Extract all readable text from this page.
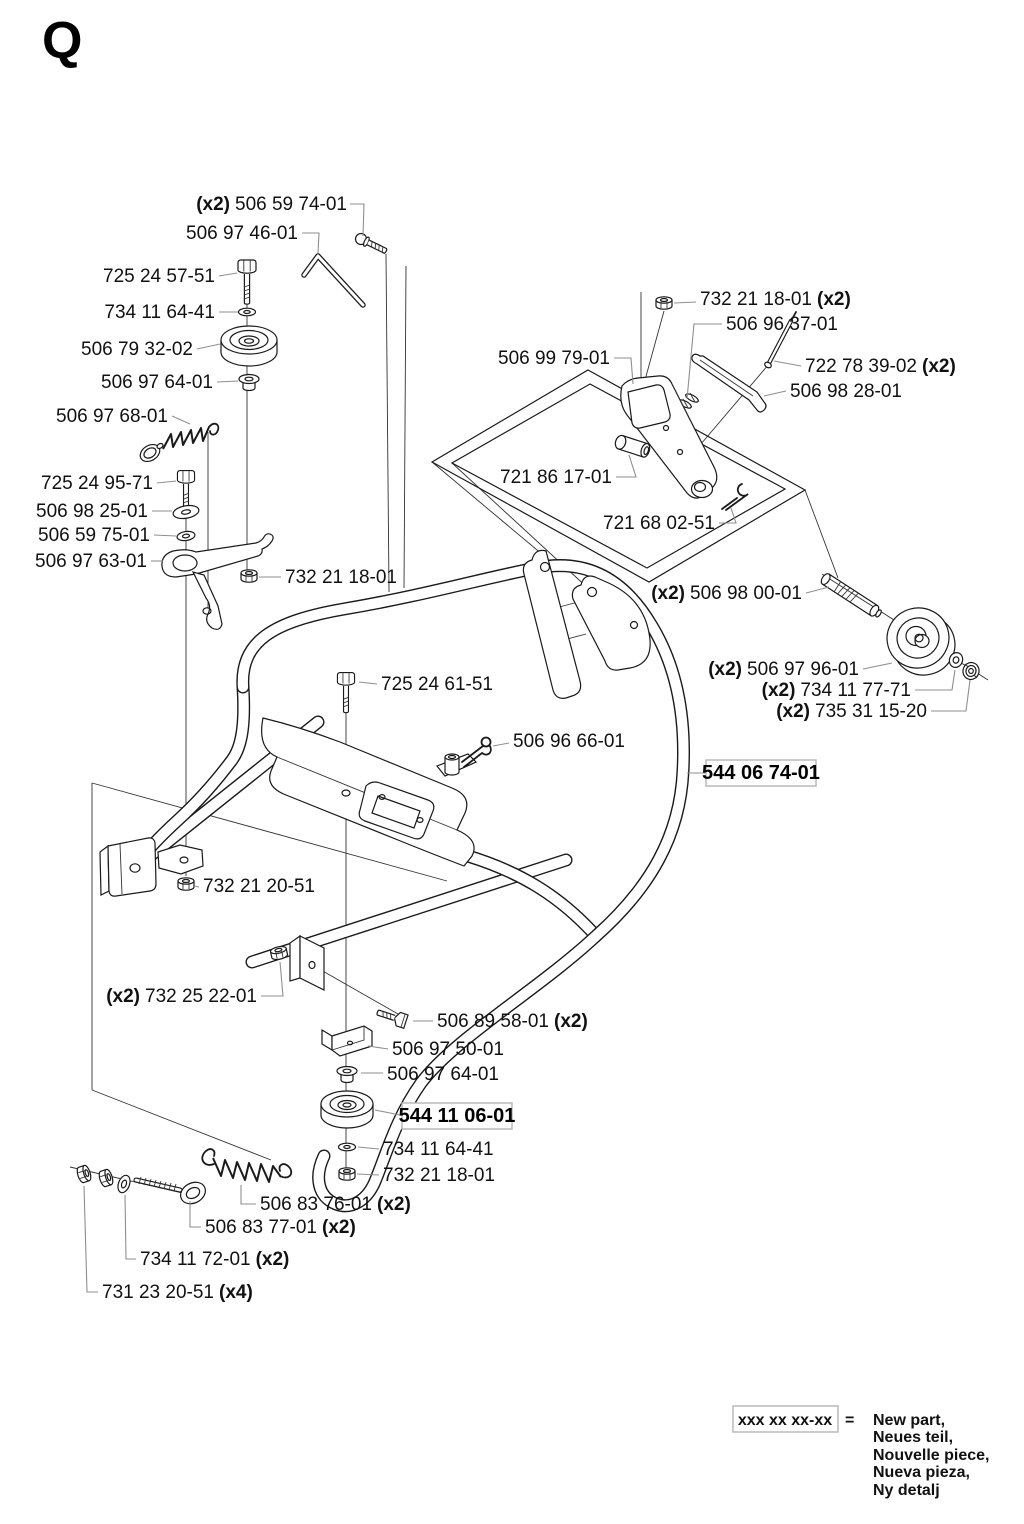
Q
(x2) 506 59 74-01
506 97 46-01
725 24 57-51
734 11 64-41
506 79 32-02
506 97 64-01
506 97 68-01
725 24 95-71
506 98 25-01
506 59 75-01
506 97 63-01
732 21 18-01
732 21 18-01 (x2)
506 96 37-01
506 99 79-01	722 78 39-02 (x2)
506 98 28-01
721 86 17-01
721 68 02-51
(x2) 506 98 00-01
(x2) 506 97 96-01
(x2) 734 11 77-71
(x2) 735 31 15-20
725 24 61-51
506 96 66-01
732 21 20-51
(x2) 732 25 22-01
506 89 58-01 (x2)
506 97 50-01
506 97 64-01
734 11 64-41
732 21 18-01
506 83 76-01 (x2)
506 83 77-01 (x2)
734 11 72-01 (x2)
731 23 20-51 (x4)
544 06 74-01
544 11 06-01
xxx xx xx-xx = New part,
Neues teil,
Nouvelle piece,
Nueva pieza,
Ny detalj
